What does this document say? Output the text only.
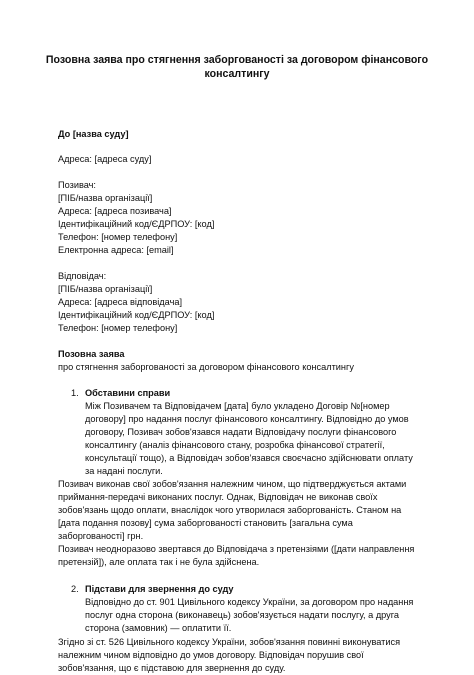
Позовна заява про стягнення заборгованості за договором фінансового консалтингу
До [назва суду]
Адреса: [адреса суду]
Позивач:
[ПІБ/назва організації]
Адреса: [адреса позивача]
Ідентифікаційний код/ЄДРПОУ: [код]
Телефон: [номер телефону]
Електронна адреса: [email]
Відповідач:
[ПІБ/назва організації]
Адреса: [адреса відповідача]
Ідентифікаційний код/ЄДРПОУ: [код]
Телефон: [номер телефону]
Позовна заява
про стягнення заборгованості за договором фінансового консалтингу
1. Обставини справи
Між Позивачем та Відповідачем [дата] було укладено Договір №[номер договору] про надання послуг фінансового консалтингу. Відповідно до умов договору, Позивач зобов'язався надати Відповідачу послуги фінансового консалтингу (аналіз фінансового стану, розробка фінансової стратегії, консультації тощо), а Відповідач зобов'язався своєчасно здійснювати оплату за надані послуги.
Позивач виконав свої зобов'язання належним чином, що підтверджується актами приймання-передачі виконаних послуг. Однак, Відповідач не виконав своїх зобов'язань щодо оплати, внаслідок чого утворилася заборгованість. Станом на [дата подання позову] сума заборгованості становить [загальна сума заборгованості] грн.
Позивач неодноразово звертався до Відповідача з претензіями ([дати направлення претензій]), але оплата так і не була здійснена.
2. Підстави для звернення до суду
Відповідно до ст. 901 Цивільного кодексу України, за договором про надання послуг одна сторона (виконавець) зобов'язується надати послугу, а друга сторона (замовник) — оплатити її.
Згідно зі ст. 526 Цивільного кодексу України, зобов'язання повинні виконуватися належним чином відповідно до умов договору. Відповідач порушив свої зобов'язання, що є підставою для звернення до суду.
